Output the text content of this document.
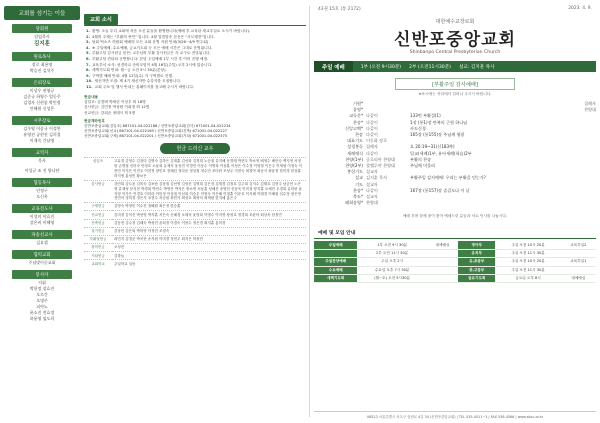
교회를 섬기는 이들
당회원
담임목사
김지훈
원로목사
장로 최용명
박승진 김석주
은퇴장로
이상우 권영규
김준규 하영수 엄동주
김경자 신현종 박민정
안혜원 신성은
시무장로
김우영 이종규 이성봉
유영진 공현진 김희경
이재숙 간남영
교역자
목사
이성규 조 진 양나단
협동목사
안정구
도신옥
교육전도사
이성미 이효진
강은비 이혜영
파송선교사
김요셉
협력교회
주님맞이중교회
봉사자
지휘
박헌정 장효진
오르간
오명주
피아노
윤소진 전효정
하윤영 임도희
교회 소식
1. 환영: 오늘 우리 교회에 처음 오신 분들을 환영합니다(예배 후 교육관 새교우실로 오시기 바랍니다).
2. 4월의 주제는 "부활의 증인" 입니다. 4월 말씀암송 본문은 "사도행전"입니다.
3. 당회 떡소즈 의원회 예배의 모든 교회 운영 지원 안내(3/26~4/9 연주회)
4. ※ 주일예배, 수요예배, 금요기도회 등 모든 예배 시간은 그대로 운영됩니다.
5. 부활주일 감사헌금 봉헌: 교우님의 부활 감사헌금은 각 교구로 전달됩니다.
6. 부활주일 칸타타 공연합니다: 본당 주일예배 1부 시간 후 이어 진행 예정.
7. 교육부서 소식: 성경학교 준비모임이 4월 16일(주일) 오후 2시에 있습니다.
8. 새벽기도회 안내: 월~금 오전 5시 30분(본당).
9. 구역별 예배 안내: 4월 12일(수) 각 구역별로 진행.
10. 새신자반 모집: 제 4기 새신자반 수강자를 모집합니다.
11. 교회 주보 및 행사 안내는 홈페이지를 참고해 주시기 바랍니다.
헌금내용
십일조: 김경택 박세린 이성우 외 18명
감사헌금: 김민정 박상원 이희정 외 12명
선교헌금: 강희준 정태식 외 5명
헌금계좌번호
신반포중앙교회(십일조) 867101-04-022186 / 신반포중앙교회(감사) 671001-04-022214
신반포중앙교회(선교) 867101-04-022169 / 신반포중앙교회(건축) 671001-04-022227
신반포중앙교회(구제) 867101-04-022201 / 신반포중앙교회(기타) 671001-04-022575
헌금 드리신 교우
십일조	고유경 김영수 김정미 김명숙 김하은 김재훈 김선화 김경희 노승철 류지혜 문경태 박현우 박소영 배영수 배인숙 백지영 서정란 손명철 신미숙 안정호 오윤희 유재석 윤상진 이경민 이동수 이명희 이상훈 이성은 이수정 이영철 이은주 이재형 이정숙 이종민 이지은 이진우 이현정 장민호 전혜린 정다운 정상철 정수민 조미란 조성우 지현숙 최경아 최동식 최윤정 한미경 한상훈 허지영 홍성민 황보은
감사헌금	강민희 김도윤 김미숙 김보람 김상철 김선영 김성진 김영희 김은정 김재경 김정호 김주희 김지수 김태호 김현주 남궁민 노은영 류재성 문지현 박경희 박민수 박영진 박지은 방소연 서동훈 성혜진 송영민 신동욱 안미정 양지훈 오세진 우경희 유미란 윤지영 이가은 이경호 이미라 이민정 이상철 이선희 이승우 이영숙 이은혜 이정훈 이준호 이지혜 이태경 이혜원 임수정 장은영 전민석 정미경 정은지 조현수 차승원 최민지 최성호 최영미 최재원 한지혜 홍은주
구제헌금	김영숙 박정민 이수진 정해원 최은정 한승훈
선교헌금	김미정 김석진 박선영 박지훈 서은숙 신혜경 오태석 윤영희 이명수 이지영 장성호 정경희 조윤아 최상욱 한정민
건축헌금	김동현 김수정 김혜숙 박성민 윤희정 이경숙 이용수 정은경 최지훈 홍미경
절기헌금	김상민 김은희 박미영 이정민 조경숙
부활절헌금	곽민지 김경준 박서현 송지원 이미경 정현우 최지은 허성민
장학헌금	오성진
기타헌금	김하늘
교회학교	주일학교 일동
43권 15호 (통 2172)	2023. 4. 9.
대한예수교장로회
신반포중앙교회
Shinbanpo Central Presbyterian Church
주일 예배	1부 (오전 9시30분) 2부 (오전11시30분) 설교: 김지훈 목사
[부활주일 감사예배]
※표시에는 자리에서 일어나 주시기 바랍니다.
기원*	집례자
송영*	찬양대
교독문* 다같이	133번 부활절(1)
찬송* 다같이	1장 (통1)장 만복의 근원 하나님
신앙고백* 다같이	사도신경
찬송 다같이	165장 (통155)장 주님께 영광
대표기도 이동화 장로
성경봉독 집례자	요 20:19~31(신183쪽)
세례예식 다같이	입교(세례)1부, 유아세례(학습)2부
찬양(1부) 글로리아 찬양대	부활의 찬송
찬양(2부) 할렐루야 찬양대	주님께 머물러
봉헌기도 설교자
설교 김지훈 목사	부활주일 감사예배: 우리는 부활을 믿는가?
기도 설교자
찬송* 다같이	167장 (통157)장 즐겁도다 이 날
축도* 설교자
폐회송영* 찬양대
예배 후에 함께 많이 찾아 예배드린 분들과 서로 인사를 나눕시다.
예배 및 모임 안내
주일예배	1부 오전 9시 30분	대예배실	영아부	주일 오전 10시 20분	교육부실2
	2부 오전 11시 30분		유치부	주일 오전 11시 30분	
주일찬양예배	주일 오후 2시		유,초등부	주일 오전 10시 20분	교육부실1
수요예배	수요일 오후 7시 30분		중,고등부	주일 오전 11시 30분	
새벽기도회	(월~토) 오전 5시30분		금요기도회	금요일 오후 8시	대예배실
06523 서울특별시 서초구 잠원로 4길 34 (신반포중앙교회) | TEL 535-4511~3 | FAX 536-4566 | www.sbcc.or.kr
